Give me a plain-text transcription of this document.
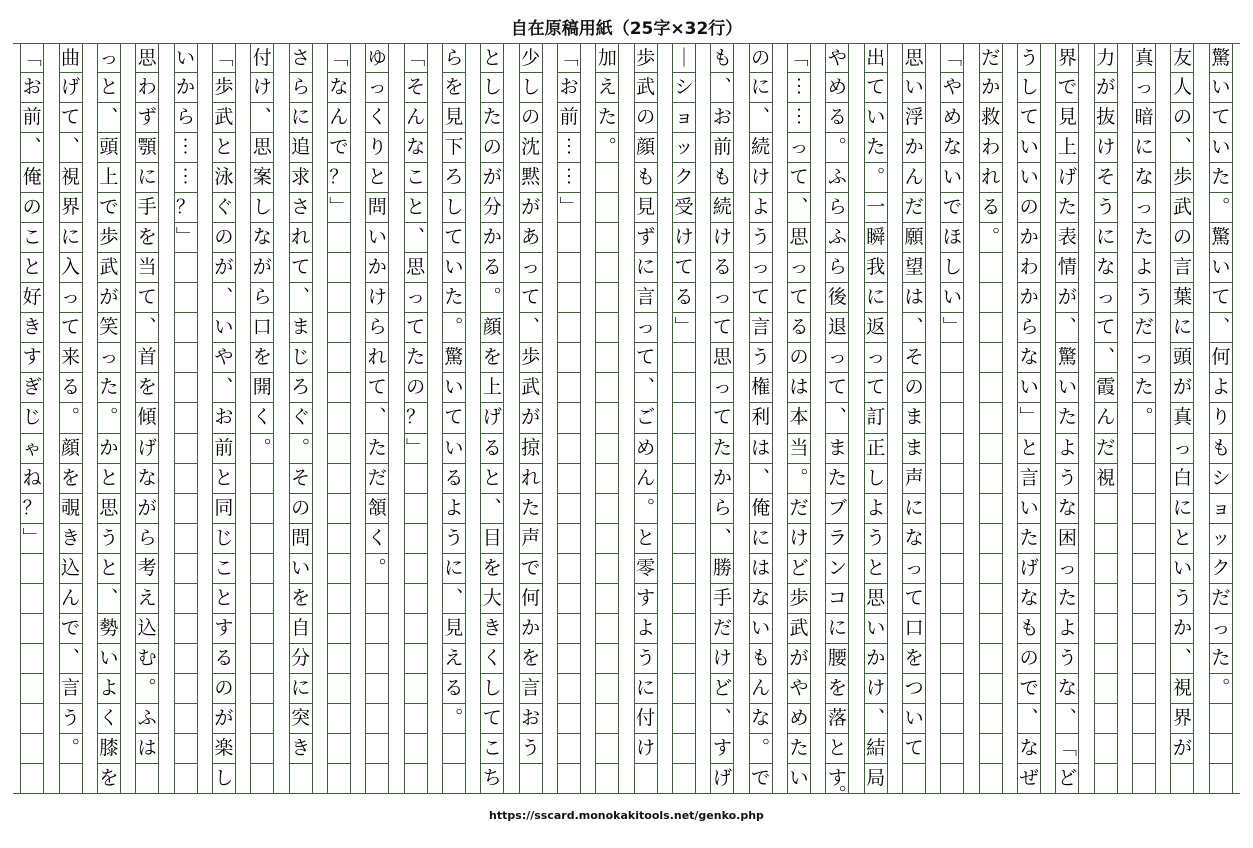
自在原稿用紙（25字×32行）
驚
い
て
い
た
︒
驚
い
て
︑
何
よ
り
も
シ
ョ
ッ
ク
だ
っ
た
︒
友
人
の
︑
歩
武
の
言
葉
に
頭
が
真
っ
白
に
と
い
う
か
︑
視
界
が
真
っ
暗
に
な
っ
た
よ
う
だ
っ
た
︒
力
が
抜
け
そ
う
に
な
っ
て
︑
霞
ん
だ
視
界
で
見
上
げ
た
表
情
が
︑
驚
い
た
よ
う
な
困
っ
た
よ
う
な
︑
﹁
ど
う
し
て
い
い
の
か
わ
か
ら
な
い
﹂
と
言
い
た
げ
な
も
の
で
︑
な
ぜ
だ
か
救
わ
れ
る
︒
﹁
や
め
な
い
で
ほ
し
い
﹂
思
い
浮
か
ん
だ
願
望
は
︑
そ
の
ま
ま
声
に
な
っ
て
口
を
つ
い
て
出
て
い
た
︒
一
瞬
我
に
返
っ
て
訂
正
し
よ
う
と
思
い
か
け
︑
結
局
や
め
る
︒
ふ
ら
ふ
ら
後
退
っ
て
︑
ま
た
ブ
ラ
ン
コ
に
腰
を
落
と
す
︒
﹁
︙
︙
っ
て
︑
思
っ
て
る
の
は
本
当
︒
だ
け
ど
歩
武
が
や
め
た
い
の
に
︑
続
け
よ
う
っ
て
言
う
権
利
は
︑
俺
に
は
な
い
も
ん
な
︒
で
も
︑
お
前
も
続
け
る
っ
て
思
っ
て
た
か
ら
︑
勝
手
だ
け
ど
︑
す
げ
｜
シ
ョ
ッ
ク
受
け
て
る
﹂
歩
武
の
顔
も
見
ず
に
言
っ
て
︑
ご
め
ん
︒
と
零
す
よ
う
に
付
け
加
え
た
︒
﹁
お
前
︙
︙
﹂
少
し
の
沈
黙
が
あ
っ
て
︑
歩
武
が
掠
れ
た
声
で
何
か
を
言
お
う
と
し
た
の
が
分
か
る
︒
顔
を
上
げ
る
と
︑
目
を
大
き
く
し
て
こ
ち
ら
を
見
下
ろ
し
て
い
た
︒
驚
い
て
い
る
よ
う
に
︑
見
え
る
︒
﹁
そ
ん
な
こ
と
︑
思
っ
て
た
の
？
﹂
ゆ
っ
く
り
と
問
い
か
け
ら
れ
て
︑
た
だ
頷
く
︒
﹁
な
ん
で
？
﹂
さ
ら
に
追
求
さ
れ
て
︑
ま
じ
ろ
ぐ
︒
そ
の
問
い
を
自
分
に
突
き
付
け
︑
思
案
し
な
が
ら
口
を
開
く
︒
﹁
歩
武
と
泳
ぐ
の
が
︑
い
や
︑
お
前
と
同
じ
こ
と
す
る
の
が
楽
し
い
か
ら
︙
︙
？
﹂
思
わ
ず
顎
に
手
を
当
て
︑
首
を
傾
げ
な
が
ら
考
え
込
む
︒
ふ
は
っ
と
︑
頭
上
で
歩
武
が
笑
っ
た
︒
か
と
思
う
と
︑
勢
い
よ
く
膝
を
曲
げ
て
︑
視
界
に
入
っ
て
来
る
︒
顔
を
覗
き
込
ん
で
︑
言
う
︒
﹁
お
前
︑
俺
の
こ
と
好
き
す
ぎ
じ
ゃ
ね
？
﹂
https://sscard.monokakitools.net/genko.php
